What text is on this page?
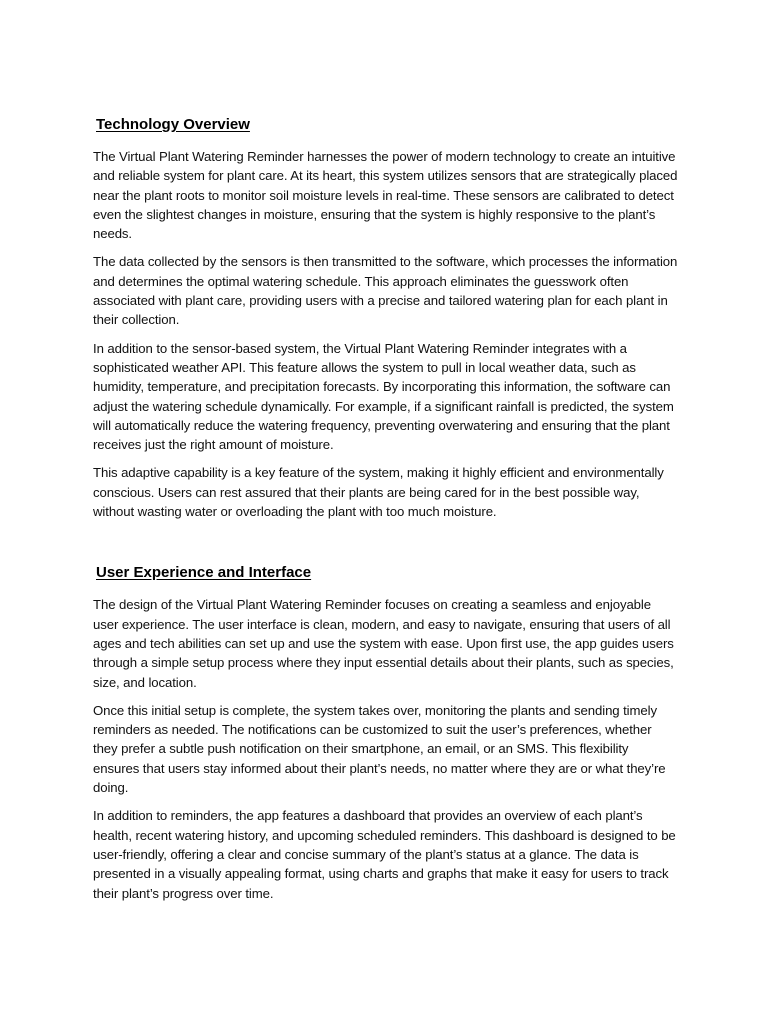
Technology Overview

The Virtual Plant Watering Reminder harnesses the power of modern technology to create an intuitive and reliable system for plant care. At its heart, this system utilizes sensors that are strategically placed near the plant roots to monitor soil moisture levels in real-time. These sensors are calibrated to detect even the slightest changes in moisture, ensuring that the system is highly responsive to the plant’s needs.

The data collected by the sensors is then transmitted to the software, which processes the information and determines the optimal watering schedule. This approach eliminates the guesswork often associated with plant care, providing users with a precise and tailored watering plan for each plant in their collection.

In addition to the sensor-based system, the Virtual Plant Watering Reminder integrates with a sophisticated weather API. This feature allows the system to pull in local weather data, such as humidity, temperature, and precipitation forecasts. By incorporating this information, the software can adjust the watering schedule dynamically. For example, if a significant rainfall is predicted, the system will automatically reduce the watering frequency, preventing overwatering and ensuring that the plant receives just the right amount of moisture.

This adaptive capability is a key feature of the system, making it highly efficient and environmentally conscious. Users can rest assured that their plants are being cared for in the best possible way, without wasting water or overloading the plant with too much moisture.

User Experience and Interface

The design of the Virtual Plant Watering Reminder focuses on creating a seamless and enjoyable user experience. The user interface is clean, modern, and easy to navigate, ensuring that users of all ages and tech abilities can set up and use the system with ease. Upon first use, the app guides users through a simple setup process where they input essential details about their plants, such as species, size, and location.

Once this initial setup is complete, the system takes over, monitoring the plants and sending timely reminders as needed. The notifications can be customized to suit the user’s preferences, whether they prefer a subtle push notification on their smartphone, an email, or an SMS. This flexibility ensures that users stay informed about their plant’s needs, no matter where they are or what they’re doing.

In addition to reminders, the app features a dashboard that provides an overview of each plant’s health, recent watering history, and upcoming scheduled reminders. This dashboard is designed to be user-friendly, offering a clear and concise summary of the plant’s status at a glance. The data is presented in a visually appealing format, using charts and graphs that make it easy for users to track their plant’s progress over time.
